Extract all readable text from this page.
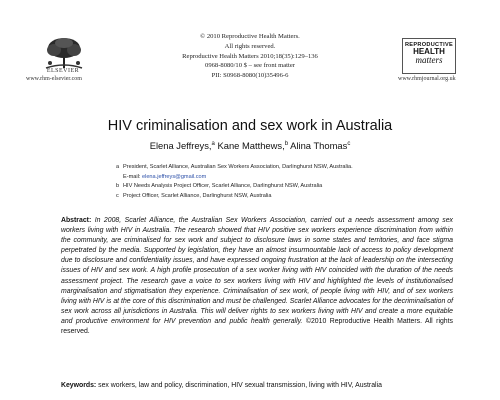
ELSEVIER
www.rhm-elsevier.com
© 2010 Reproductive Health Matters.
All rights reserved.
Reproductive Health Matters 2010;18(35):129–136
0968-8080/10 $ – see front matter
PII: S0968-8080(10)35496-6
REPRODUCTIVE
HEALTH
matters
www.rhmjournal.org.uk
HIV criminalisation and sex work in Australia
Elena Jeffreys,$^a$ Kane Matthews,$^b$ Alina Thomas$^c$
a President, Scarlet Alliance, Australian Sex Workers Association, Darlinghurst NSW, Australia.
E-mail: elena.jeffreys@gmail.com
b HIV Needs Analysis Project Officer, Scarlet Alliance, Darlinghurst NSW, Australia
c Project Officer, Scarlet Alliance, Darlinghurst NSW, Australia
Abstract: In 2008, Scarlet Alliance, the Australian Sex Workers Association, carried out a needs assessment among sex workers living with HIV in Australia. The research showed that HIV positive sex workers experience discrimination from within the community, are criminalised for sex work and subject to disclosure laws in some states and territories, and face stigma perpetrated by the media. Supported by legislation, they have an almost insurmountable lack of access to policy development due to disclosure and confidentiality issues, and have expressed ongoing frustration at the lack of leadership on the intersecting issues of HIV and sex work. A high profile prosecution of a sex worker living with HIV coincided with the duration of the needs assessment project. The research gave a voice to sex workers living with HIV and highlighted the levels of institutionalised marginalisation and stigmatisation they experience. Criminalisation of sex work, of people living with HIV, and of sex workers living with HIV is at the core of this discrimination and must be challenged. Scarlet Alliance advocates for the decriminalisation of sex work across all jurisdictions in Australia. This will deliver rights to sex workers living with HIV and create a more equitable and productive environment for HIV prevention and public health generally. ©2010 Reproductive Health Matters. All rights reserved.
Keywords: sex workers, law and policy, discrimination, HIV sexual transmission, living with HIV, Australia
